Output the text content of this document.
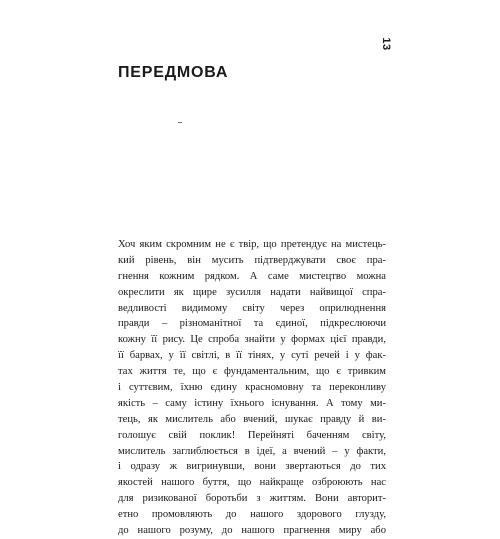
13
ПЕРЕДМОВА
Хоч яким скромним не є твір, що претендує на мистець-
кий рівень, він мусить підтверджувати своє пра-
гнення кожним рядком. А саме мистецтво можна
окреслити як щире зусилля надати найвищої спра-
ведливості видимому світу через оприлюднення
правди – різноманітної та єдиної, підкреслюючи
кожну її рису. Це спроба знайти у формах цієї правди,
її барвах, у її світлі, в її тінях, у суті речей і у фак-
тах життя те, що є фундаментальним, що є тривким
і суттєвим, їхню єдину красномовну та переконливу
якість – саму істину їхнього існування. А тому ми-
тець, як мислитель або вчений, шукає правду й ви-
голошує свій поклик! Перейняті баченням світу,
мислитель заглиблюється в ідеї, а вчений – у факти,
і одразу ж вигринувши, вони звертаються до тих
якостей нашого буття, що найкраще озброюють нас
для ризикованої боротьби з життям. Вони авторит-
етно промовляють до нашого здорового глузду,
до нашого розуму, до нашого прагнення миру або
